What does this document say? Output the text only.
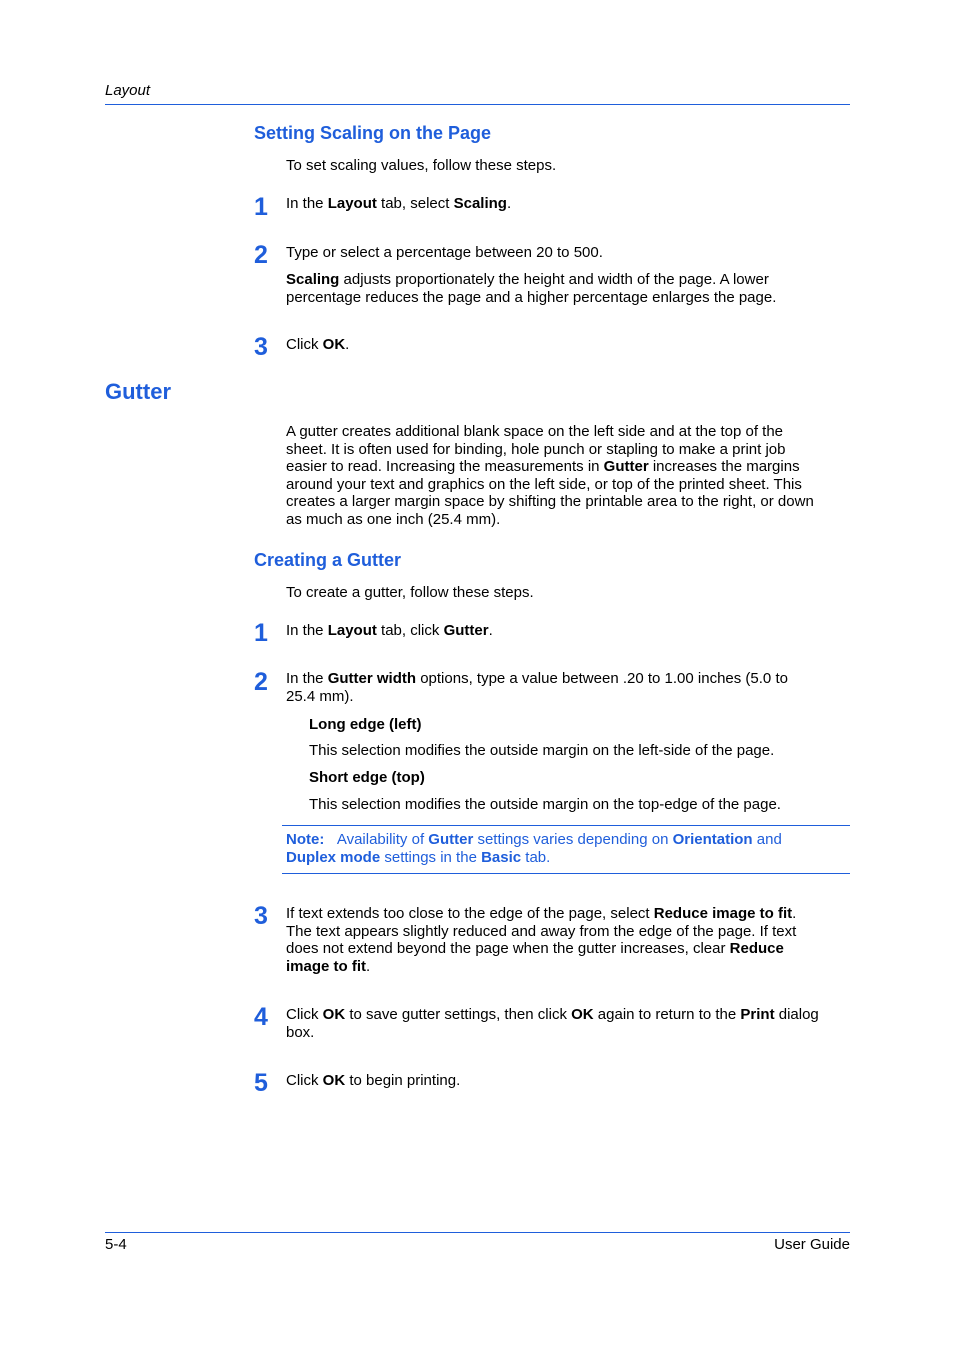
Layout
Setting Scaling on the Page
To set scaling values, follow these steps.
1	In the Layout tab, select Scaling.
2	Type or select a percentage between 20 to 500.
Scaling adjusts proportionately the height and width of the page. A lower
percentage reduces the page and a higher percentage enlarges the page.
3	Click OK.
Gutter
A gutter creates additional blank space on the left side and at the top of the
sheet. It is often used for binding, hole punch or stapling to make a print job
easier to read. Increasing the measurements in Gutter increases the margins
around your text and graphics on the left side, or top of the printed sheet. This
creates a larger margin space by shifting the printable area to the right, or down
as much as one inch (25.4 mm).
Creating a Gutter
To create a gutter, follow these steps.
1	In the Layout tab, click Gutter.
2	In the Gutter width options, type a value between .20 to 1.00 inches (5.0 to
25.4 mm).
Long edge (left)
This selection modifies the outside margin on the left-side of the page.
Short edge (top)
This selection modifies the outside margin on the top-edge of the page.
Note: Availability of Gutter settings varies depending on Orientation and
Duplex mode settings in the Basic tab.
3	If text extends too close to the edge of the page, select Reduce image to fit.
The text appears slightly reduced and away from the edge of the page. If text
does not extend beyond the page when the gutter increases, clear Reduce
image to fit.
4	Click OK to save gutter settings, then click OK again to return to the Print dialog
box.
5	Click OK to begin printing.
5-4	User Guide
